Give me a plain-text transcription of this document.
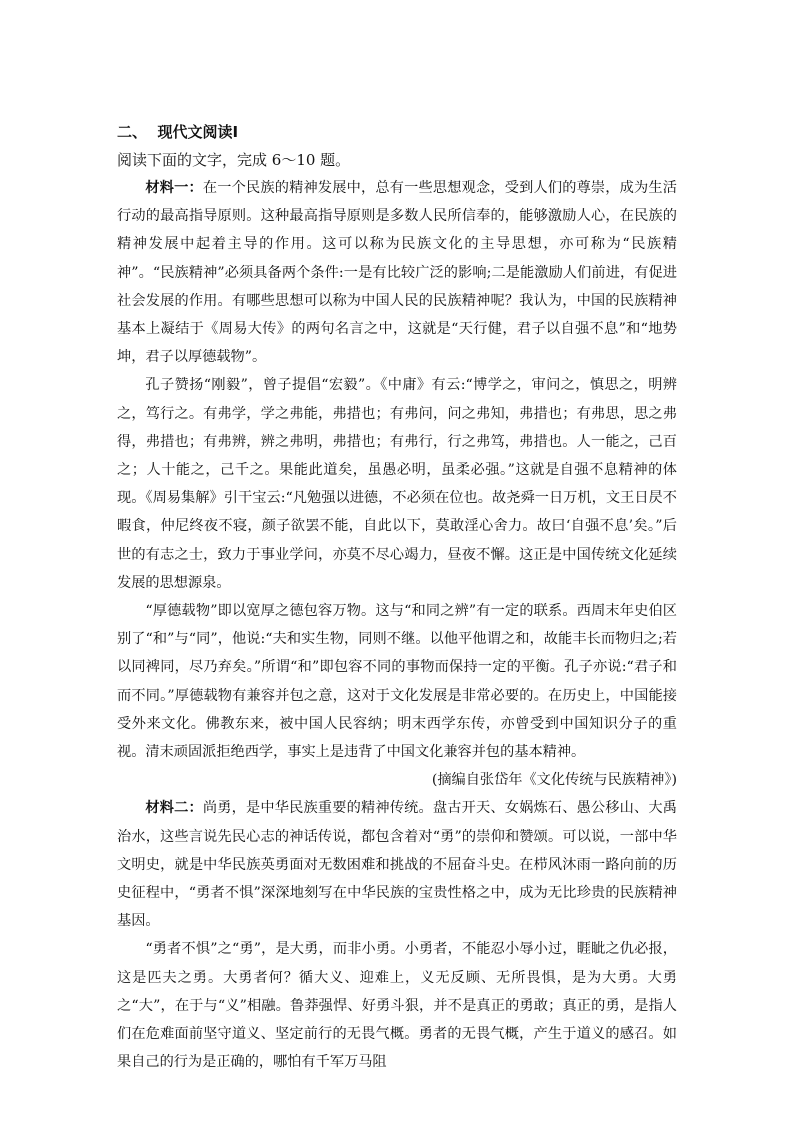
二、 现代文阅读Ⅰ
阅读下面的文字，完成 6～10 题。

材料一：在一个民族的精神发展中，总有一些思想观念，受到人们的尊崇，成为生活行动的最高指导原则。这种最高指导原则是多数人民所信奉的，能够激励人心，在民族的精神发展中起着主导的作用。这可以称为民族文化的主导思想，亦可称为“民族精神”。“民族精神”必须具备两个条件:一是有比较广泛的影响;二是能激励人们前进，有促进社会发展的作用。有哪些思想可以称为中国人民的民族精神呢？我认为，中国的民族精神基本上凝结于《周易大传》的两句名言之中，这就是“天行健，君子以自强不息”和“地势坤，君子以厚德载物”。

孔子赞扬“刚毅”，曾子提倡“宏毅”。《中庸》有云:“博学之，审问之，慎思之，明辨之，笃行之。有弗学，学之弗能，弗措也；有弗问，问之弗知，弗措也；有弗思，思之弗得，弗措也；有弗辨，辨之弗明，弗措也；有弗行，行之弗笃，弗措也。人一能之，己百之；人十能之，己千之。果能此道矣，虽愚必明，虽柔必强。”这就是自强不息精神的体现。《周易集解》引干宝云:“凡勉强以进德，不必须在位也。故尧舜一日万机，文王日昃不暇食，仲尼终夜不寝，颜子欲罢不能，自此以下，莫敢淫心舍力。故曰‘自强不息’矣。”后世的有志之士，致力于事业学问，亦莫不尽心竭力，昼夜不懈。这正是中国传统文化延续发展的思想源泉。

“厚德载物”即以宽厚之德包容万物。这与“和同之辨”有一定的联系。西周末年史伯区别了“和”与“同”，他说:“夫和实生物，同则不继。以他平他谓之和，故能丰长而物归之;若以同裨同，尽乃弃矣。”所谓“和”即包容不同的事物而保持一定的平衡。孔子亦说:“君子和而不同。”厚德载物有兼容并包之意，这对于文化发展是非常必要的。在历史上，中国能接受外来文化。佛教东来，被中国人民容纳；明末西学东传，亦曾受到中国知识分子的重视。清末顽固派拒绝西学，事实上是违背了中国文化兼容并包的基本精神。

(摘编自张岱年《文化传统与民族精神》)

材料二：尚勇，是中华民族重要的精神传统。盘古开天、女娲炼石、愚公移山、大禹治水，这些言说先民心志的神话传说，都包含着对“勇”的崇仰和赞颂。可以说，一部中华文明史，就是中华民族英勇面对无数困难和挑战的不屈奋斗史。在栉风沐雨一路向前的历史征程中，“勇者不惧”深深地刻写在中华民族的宝贵性格之中，成为无比珍贵的民族精神基因。

“勇者不惧”之“勇”，是大勇，而非小勇。小勇者，不能忍小辱小过，睚眦之仇必报，这是匹夫之勇。大勇者何？循大义、迎难上，义无反顾、无所畏惧，是为大勇。大勇之“大”，在于与“义”相融。鲁莽强悍、好勇斗狠，并不是真正的勇敢；真正的勇，是指人们在危难面前坚守道义、坚定前行的无畏气概。勇者的无畏气概，产生于道义的感召。如果自己的行为是正确的，哪怕有千军万马阻
